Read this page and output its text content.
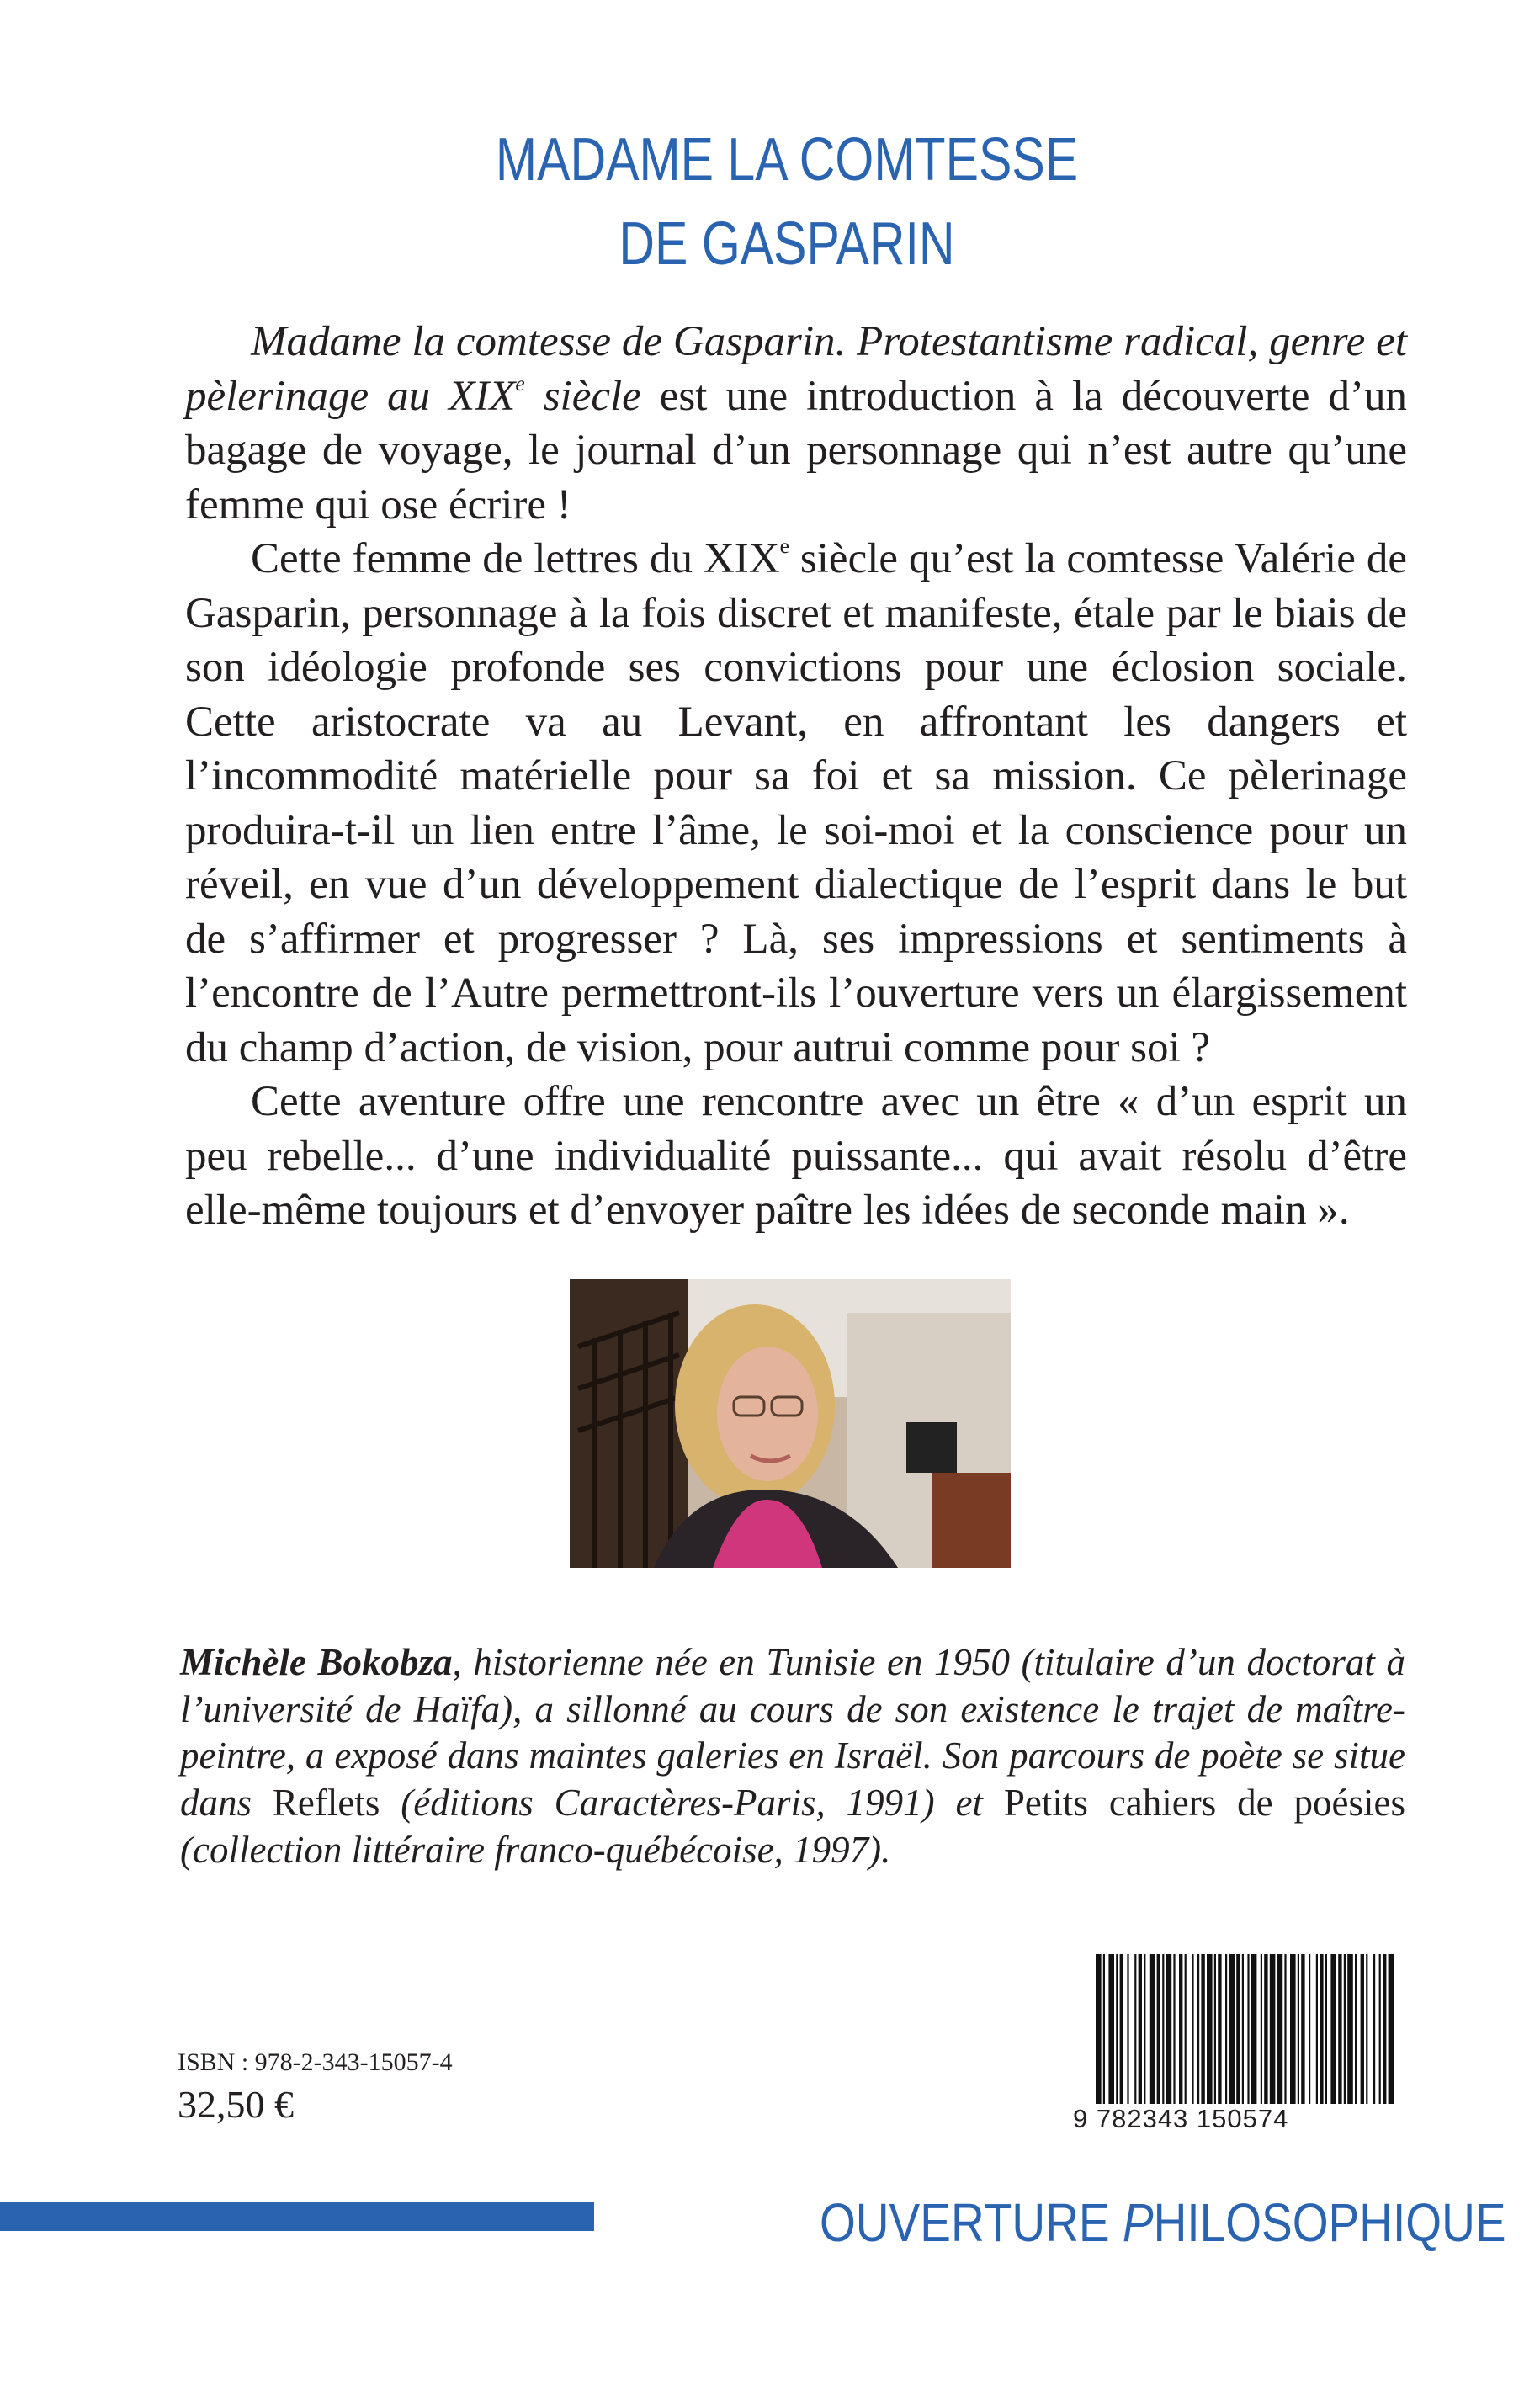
MADAME LA COMTESSE
DE GASPARIN

Madame la comtesse de Gasparin. Protestantisme radical, genre et pèlerinage au XIXe siècle est une introduction à la découverte d’un bagage de voyage, le journal d’un personnage qui n’est autre qu’une femme qui ose écrire !

Cette femme de lettres du XIXe siècle qu’est la comtesse Valérie de Gasparin, personnage à la fois discret et manifeste, étale par le biais de son idéologie profonde ses convictions pour une éclosion sociale. Cette aristocrate va au Levant, en affrontant les dangers et l’incommodité matérielle pour sa foi et sa mission. Ce pèlerinage produira-t-il un lien entre l’âme, le soi-moi et la conscience pour un réveil, en vue d’un développement dialectique de l’esprit dans le but de s’affirmer et progresser ? Là, ses impressions et sentiments à l’encontre de l’Autre permettront-ils l’ouverture vers un élargissement du champ d’action, de vision, pour autrui comme pour soi ?

Cette aventure offre une rencontre avec un être « d’un esprit un peu rebelle... d’une individualité puissante... qui avait résolu d’être elle-même toujours et d’envoyer paître les idées de seconde main ».

Michèle Bokobza, historienne née en Tunisie en 1950 (titulaire d’un doctorat à l’université de Haïfa), a sillonné au cours de son existence le trajet de maître-peintre, a exposé dans maintes galeries en Israël. Son parcours de poète se situe dans Reflets (éditions Caractères-Paris, 1991) et Petits cahiers de poésies (collection littéraire franco-québécoise, 1997).
ISBN : 978-2-343-15057-4
32,50 €	9 782343 150574
OUVERTURE PHILOSOPHIQUE
